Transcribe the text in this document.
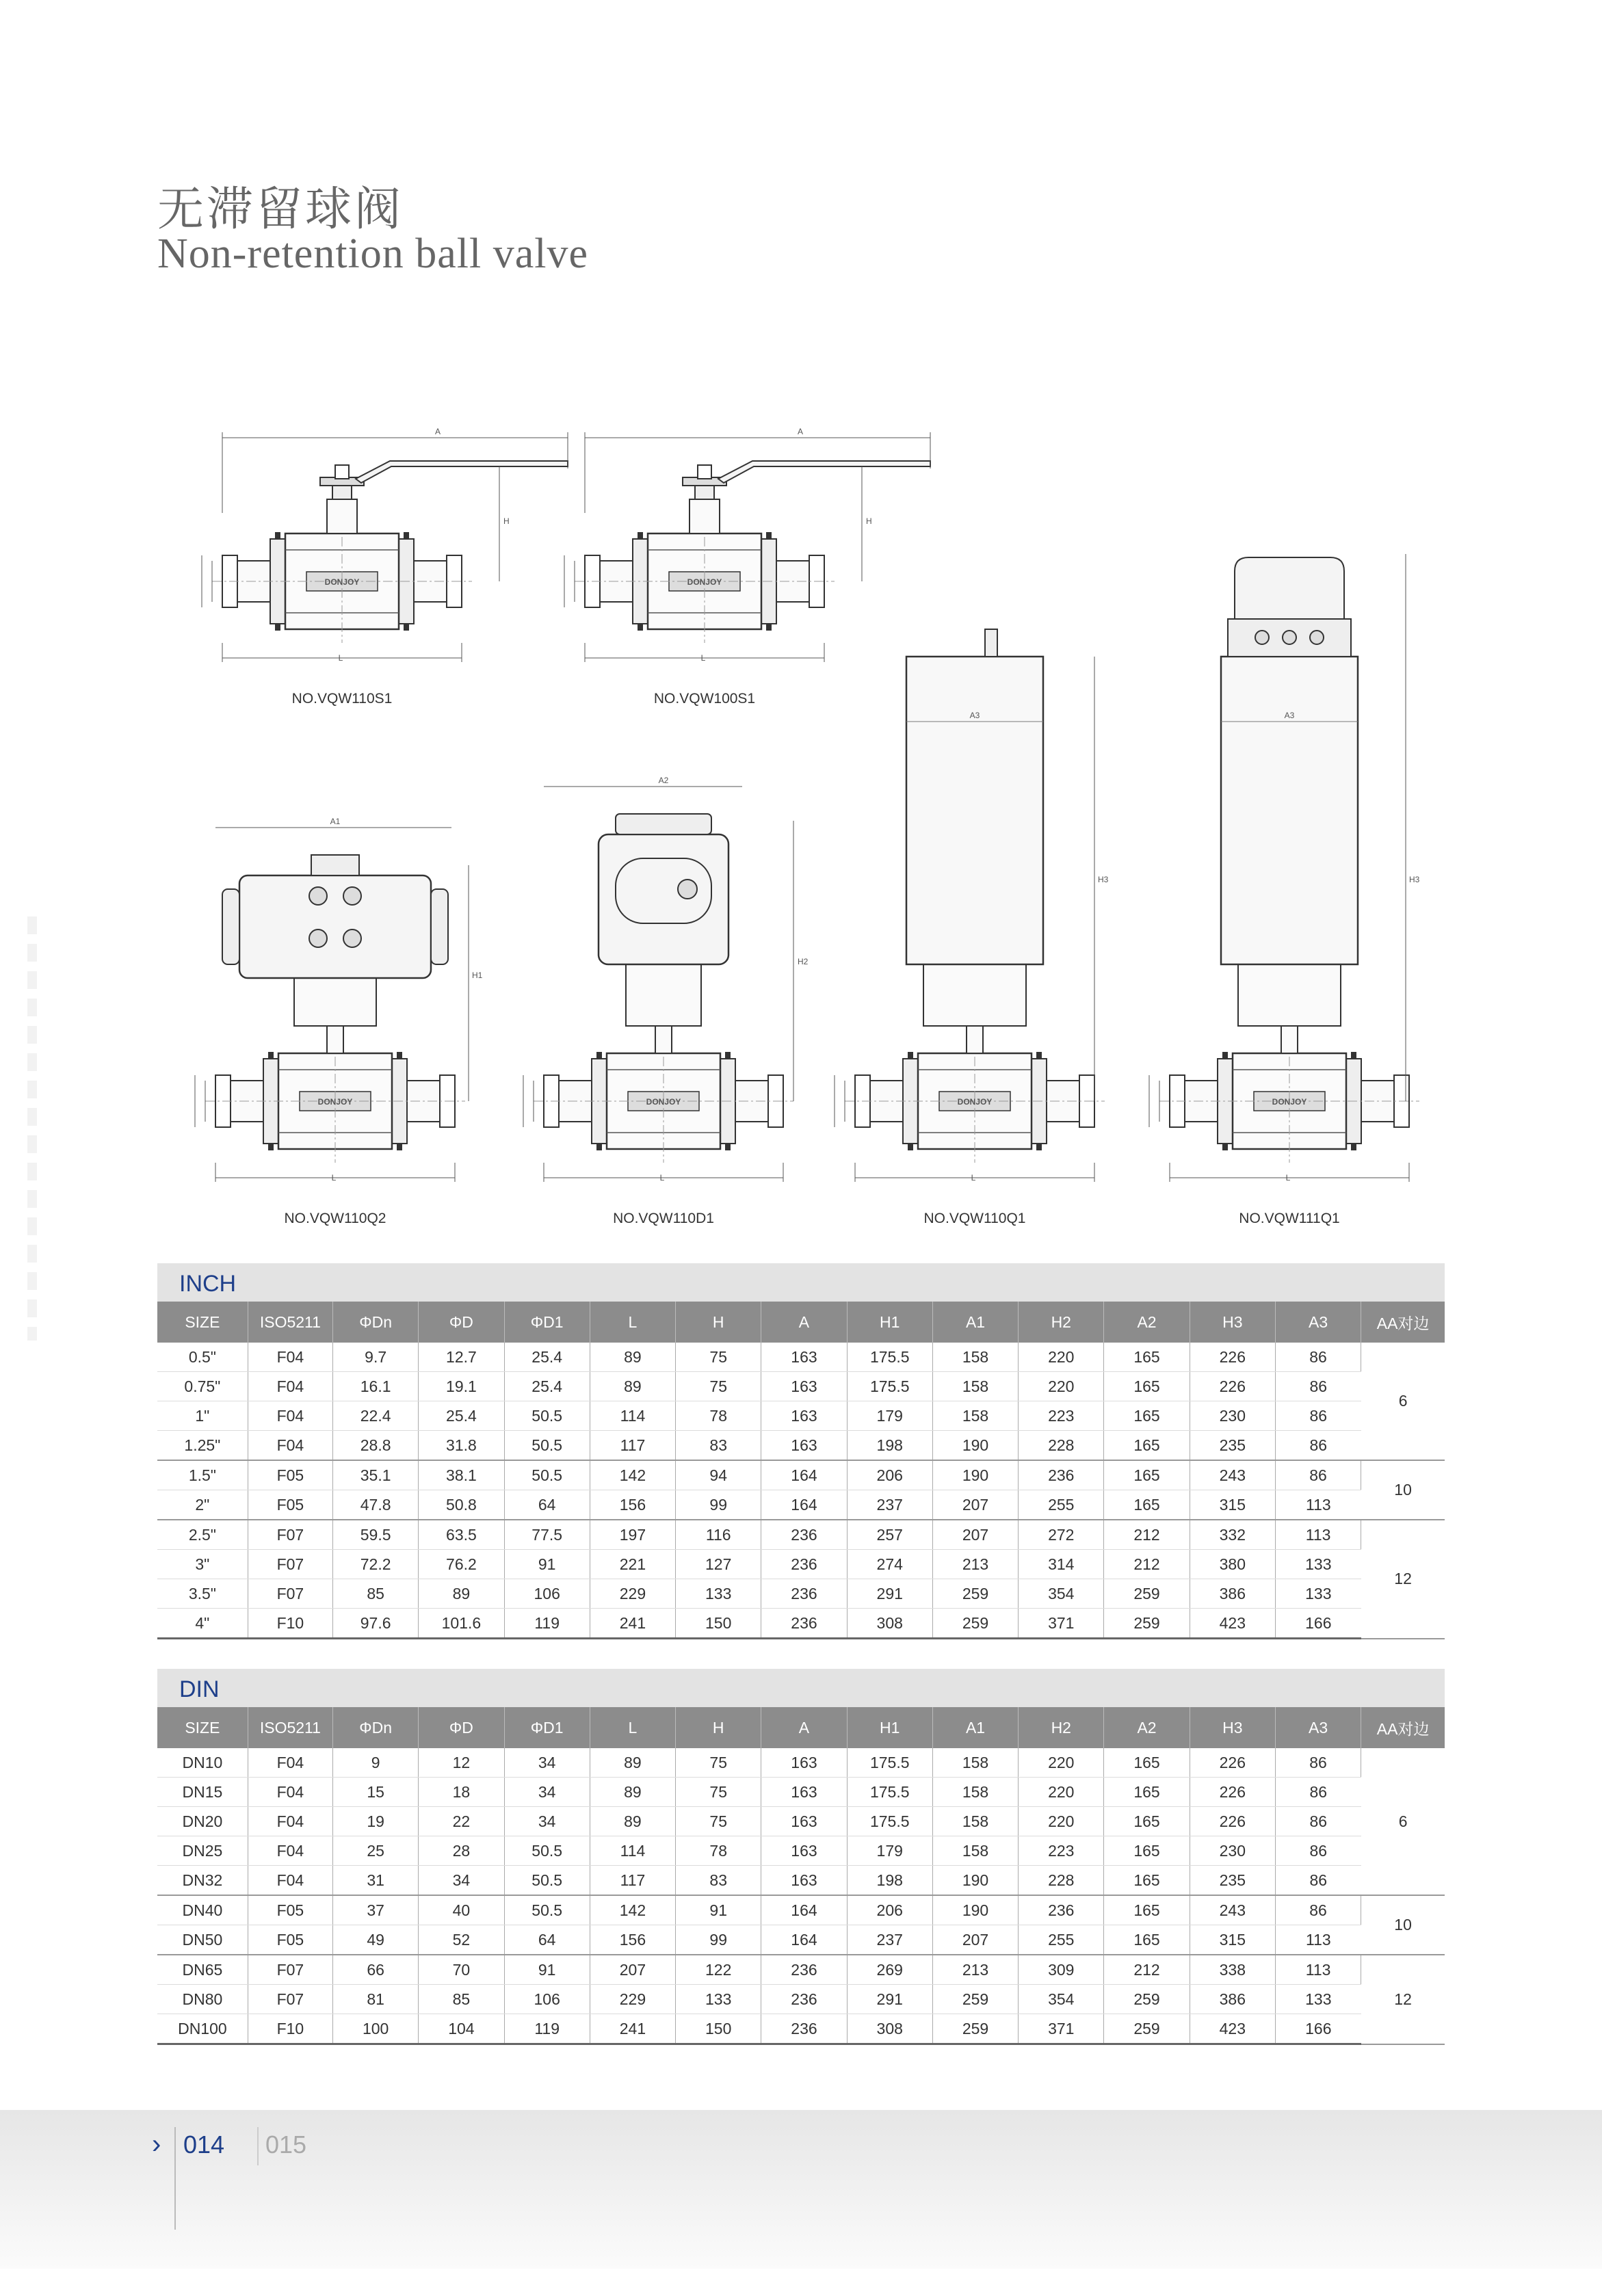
无滞留球阀
Non-retention ball valve
L
A
H
DONJOY
NO.VQW110S1
L
A
H
DONJOY
NO.VQW100S1
L
A1
H1
DONJOY
NO.VQW110Q2
L
A2
H2
DONJOY
NO.VQW110D1
L
A3
H3
DONJOY
NO.VQW110Q1
L
A3
H3
DONJOY
NO.VQW111Q1
INCH
SIZE	ISO5211	ΦDn	ΦD	ΦD1	L	H	A	H1	A1	H2	A2	H3	A3	AA对边
0.5"	F04	9.7	12.7	25.4	89	75	163	175.5	158	220	165	226	86	6
0.75"	F04	16.1	19.1	25.4	89	75	163	175.5	158	220	165	226	86	
1"	F04	22.4	25.4	50.5	114	78	163	179	158	223	165	230	86	
1.25"	F04	28.8	31.8	50.5	117	83	163	198	190	228	165	235	86	
1.5"	F05	35.1	38.1	50.5	142	94	164	206	190	236	165	243	86	10
2"	F05	47.8	50.8	64	156	99	164	237	207	255	165	315	113	
2.5"	F07	59.5	63.5	77.5	197	116	236	257	207	272	212	332	113	12
3"	F07	72.2	76.2	91	221	127	236	274	213	314	212	380	133	
3.5"	F07	85	89	106	229	133	236	291	259	354	259	386	133	
4"	F10	97.6	101.6	119	241	150	236	308	259	371	259	423	166	
DIN
SIZE	ISO5211	ΦDn	ΦD	ΦD1	L	H	A	H1	A1	H2	A2	H3	A3	AA对边
DN10	F04	9	12	34	89	75	163	175.5	158	220	165	226	86	6
DN15	F04	15	18	34	89	75	163	175.5	158	220	165	226	86	
DN20	F04	19	22	34	89	75	163	175.5	158	220	165	226	86	
DN25	F04	25	28	50.5	114	78	163	179	158	223	165	230	86	
DN32	F04	31	34	50.5	117	83	163	198	190	228	165	235	86	
DN40	F05	37	40	50.5	142	91	164	206	190	236	165	243	86	10
DN50	F05	49	52	64	156	99	164	237	207	255	165	315	113	
DN65	F07	66	70	91	207	122	236	269	213	309	212	338	113	12
DN80	F07	81	85	106	229	133	236	291	259	354	259	386	133	
DN100	F10	100	104	119	241	150	236	308	259	371	259	423	166	
› 014 015
